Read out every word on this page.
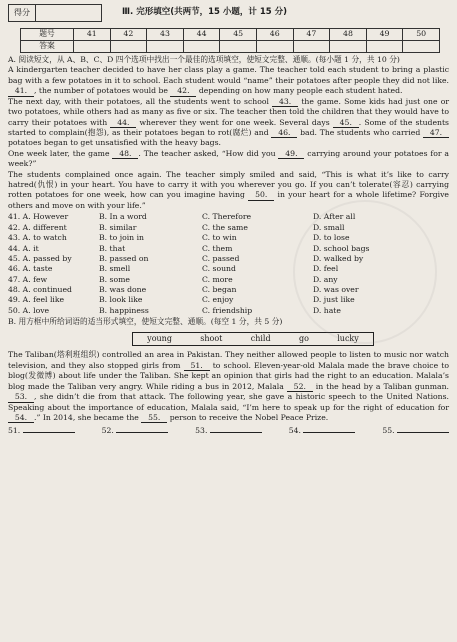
得分	Ⅲ. 完形填空(共两节，15 小题，计 15 分)
题号	41	42	43	44	45	46	47	48	49	50
答案										

A. 阅读短文，从 A、B、C、D 四个选项中找出一个最佳的选项填空，使短文完整、通顺。(每小题 1 分，共 10 分)

A kindergarten teacher decided to have her class play a game. The teacher told each student to bring a plastic bag with a few potatoes in it to school. Each student would “name” their potatoes after people they did not like. 41. , the number of potatoes would be 42. depending on how many people each student hated.

The next day, with their potatoes, all the students went to school 43. the game. Some kids had just one or two potatoes, while others had as many as five or six. The teacher then told the children that they would have to carry their potatoes with 44. wherever they went for one week. Several days 45. . Some of the students started to complain(抱怨), as their potatoes began to rot(腐烂) and 46. bad. The students who carried 47. potatoes began to get unsatisfied with the heavy bags.

One week later, the game 48. . The teacher asked, “How did you 49. carrying around your potatoes for a week?”

The students complained once again. The teacher simply smiled and said, “This is what it’s like to carry hatred(仇恨) in your heart. You have to carry it with you wherever you go. If you can’t tolerate(容忍) carrying rotten potatoes for one week, how can you imagine having 50. in your heart for a whole lifetime? Forgive others and move on with your life.”

41. A. However	B. In a word	C. Therefore	D. After all
42. A. different	B. similar	C. the same	D. small
43. A. to watch	B. to join in	C. to win	D. to lose
44. A. it	B. that	C. them	D. school bags
45. A. passed by	B. passed on	C. passed	D. walked by
46. A. taste	B. smell	C. sound	D. feel
47. A. few	B. some	C. more	D. any
48. A. continued	B. was done	C. began	D. was over
49. A. feel like	B. look like	C. enjoy	D. just like
50. A. love	B. happiness	C. friendship	D. hate

B. 用方框中所给词语的适当形式填空，使短文完整、通顺。(每空 1 分，共 5 分)

young	shoot	child	go	lucky

The Taliban(塔利班组织) controlled an area in Pakistan. They neither allowed people to listen to music nor watch television, and they also stopped girls from 51. to school. Eleven-year-old Malala made the brave choice to blog(发微博) about life under the Taliban. She kept an opinion that girls had the right to an education. Malala’s blog made the Taliban very angry. While riding a bus in 2012, Malala 52. in the head by a Taliban gunman. 53. , she didn’t die from that attack. The following year, she gave a historic speech to the United Nations. Speaking about the importance of education, Malala said, “I’m here to speak up for the right of education for 54. .” In 2014, she became the 55. person to receive the Nobel Peace Prize.

51.	52.	53.	54.	55.
